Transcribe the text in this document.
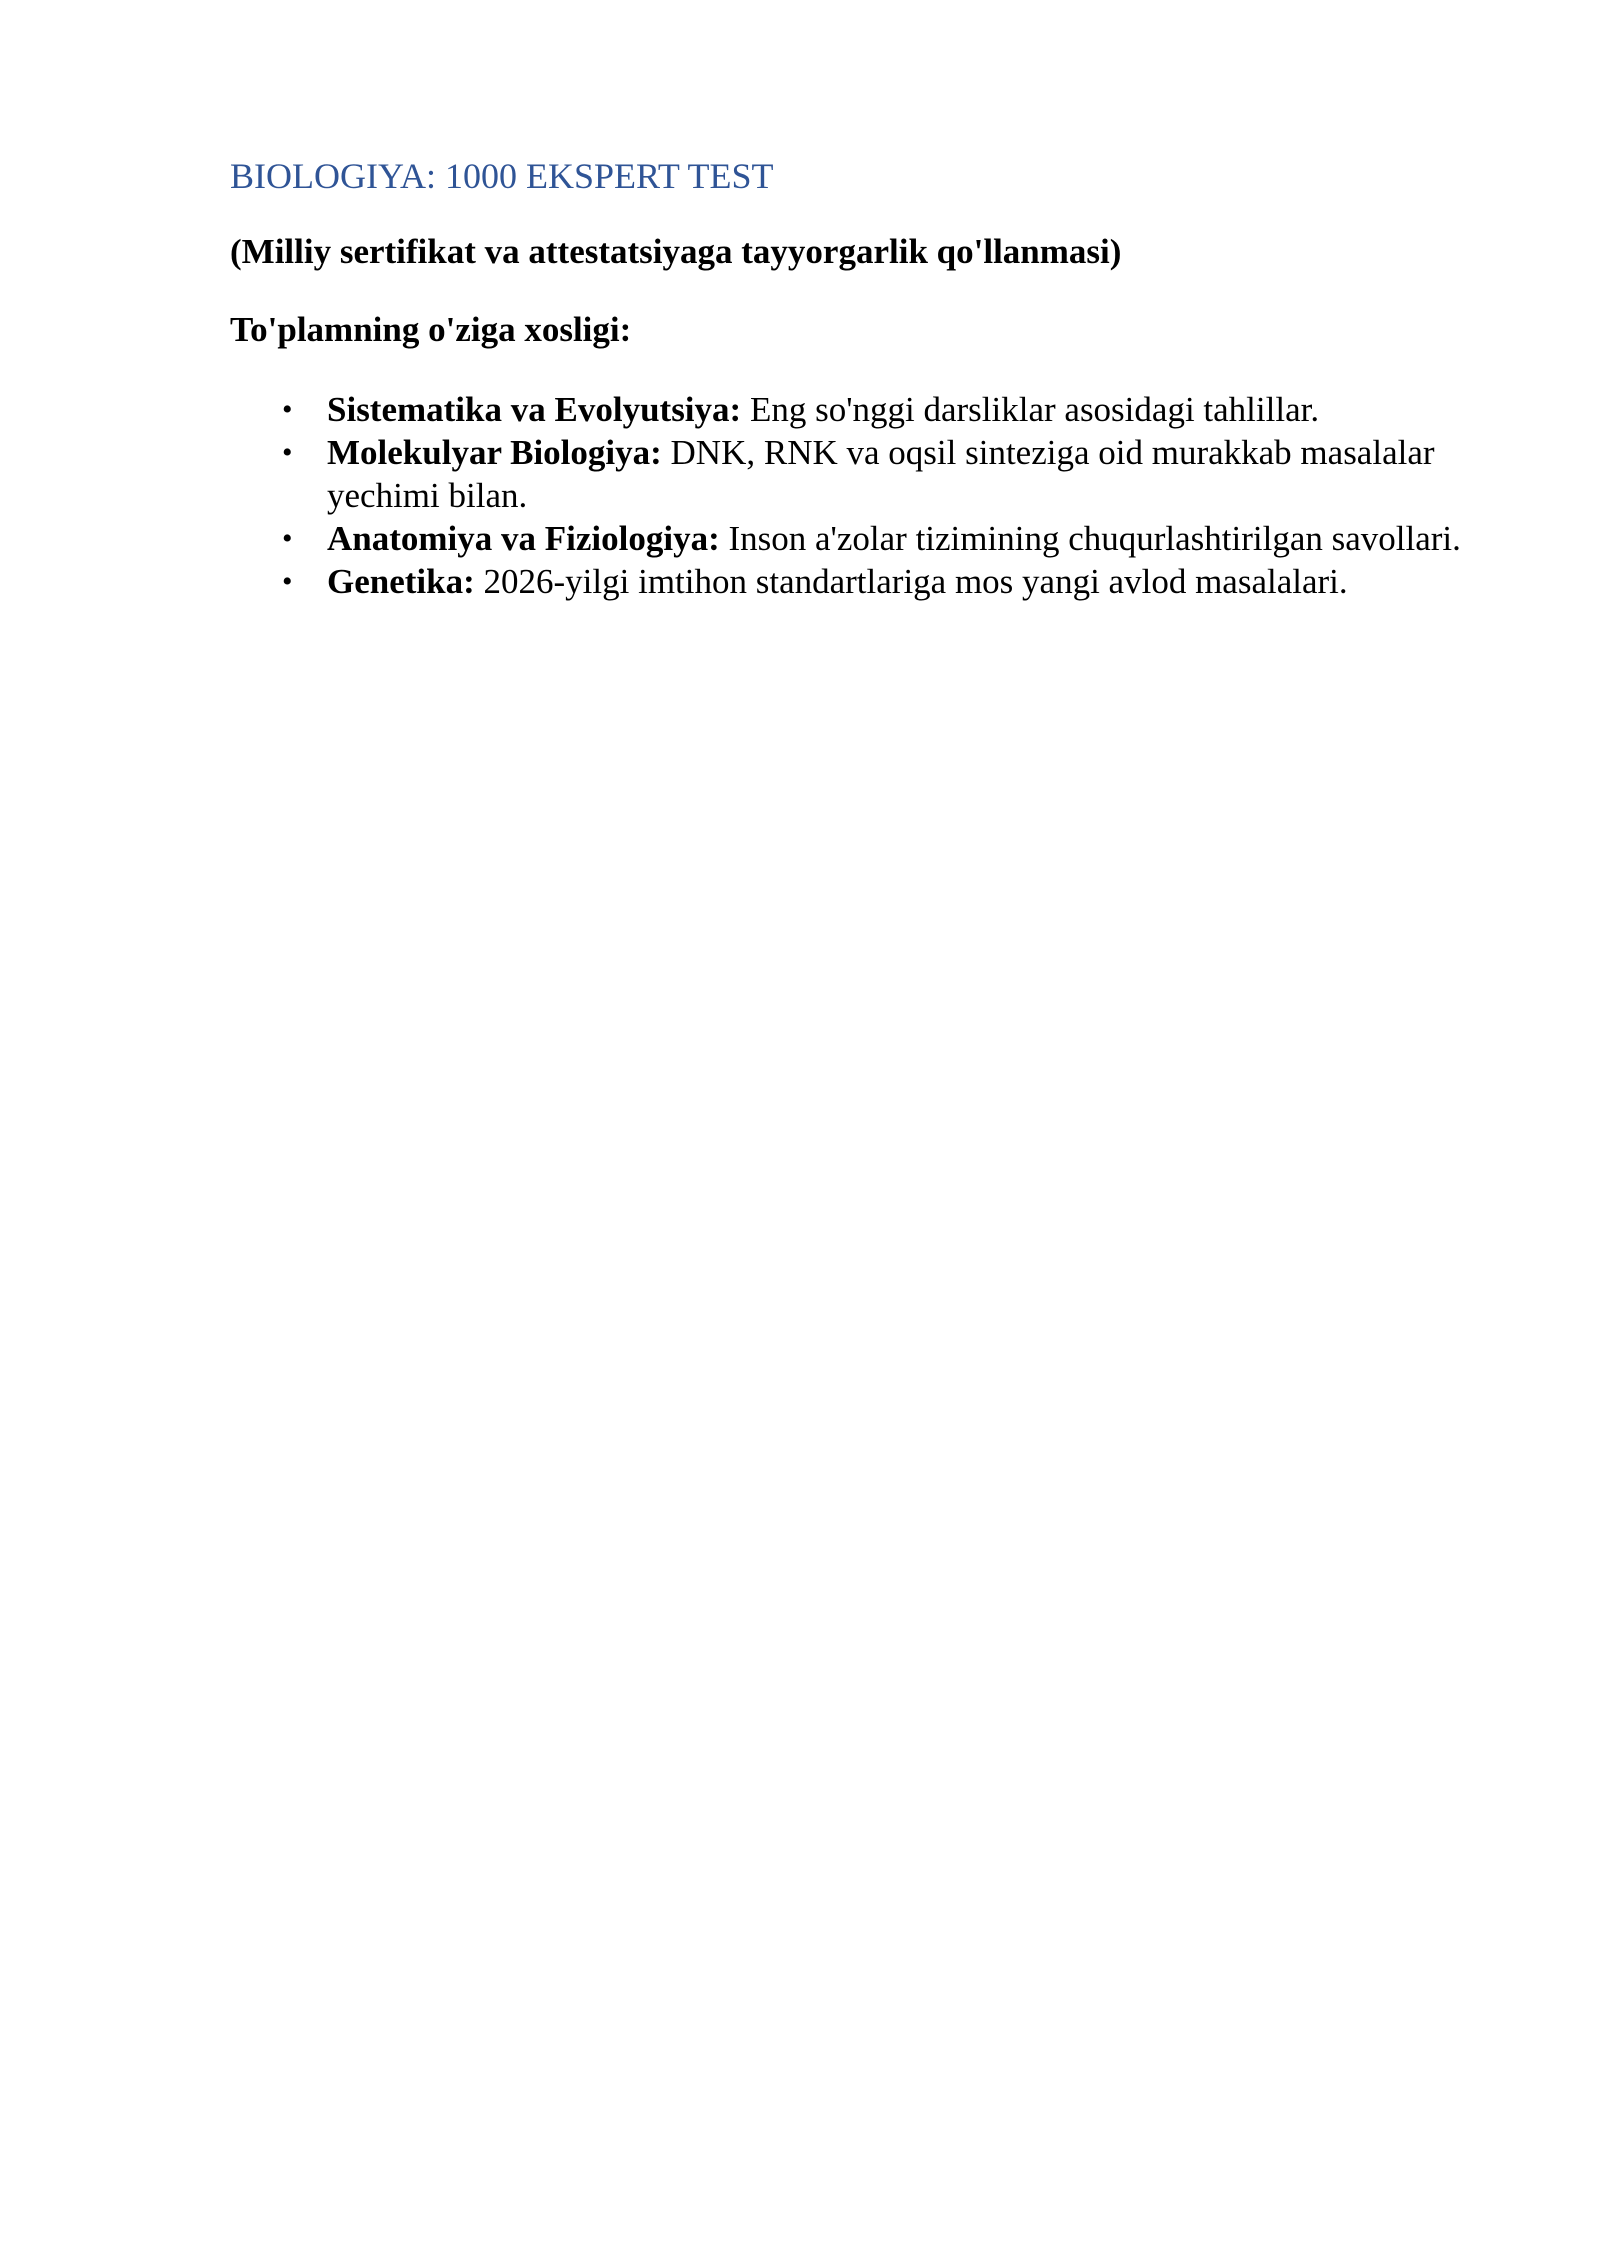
BIOLOGIYA: 1000 EKSPERT TEST

(Milliy sertifikat va attestatsiyaga tayyorgarlik qo'llanmasi)

To'plamning o'ziga xosligi:

• Sistematika va Evolyutsiya: Eng so'nggi darsliklar asosidagi tahlillar.
• Molekulyar Biologiya: DNK, RNK va oqsil sinteziga oid murakkab masalalar yechimi bilan.
• Anatomiya va Fiziologiya: Inson a'zolar tizimining chuqurlashtirilgan savollari.
• Genetika: 2026-yilgi imtihon standartlariga mos yangi avlod masalalari.
